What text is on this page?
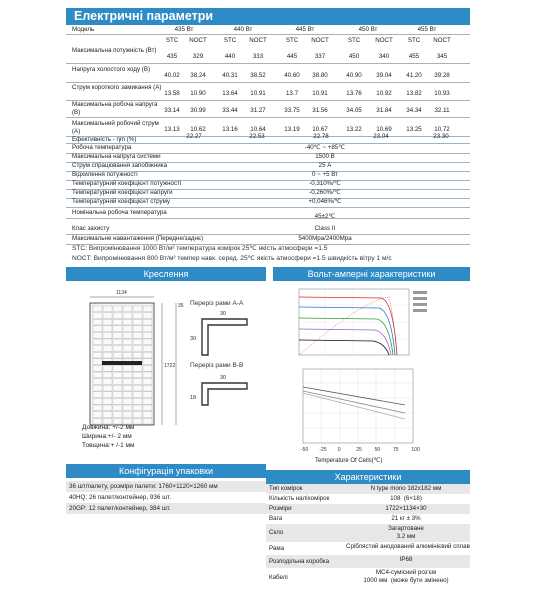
Електричні параметри
Модель	435 Вт	440 Вт	445 Вт	450 Вт	455 Вт
STC	NOCT	STC	NOCT	STC	NOCT	STC	NOCT	STC	NOCT
Максимальна потужність (Вт)
435	329	440	333	445	337	450	340	455	345
Напруга холостого ходу (В)
40.02	38.24	40.31	38.52	40.60	38.80	40.90	39.04	41.20	39.28
Струм короткого замикання (А)
13.58	10.90	13.64	10.91	13.7	10.91	13.76	10.92	13.82	10.93
Максимальна робоча напруга (В)	33.14	30.99	33.44	31.27	33.75	31.56	34.05	31.84	34.34	32.11
Максимальний робочий струм (А)	13.13	10.62	13.16	10.64	13.19	10.67	13.22	10.69	13.25	10.72
Ефективність - ηm (%)	22.27	22.53	22.78	23.04	23.30
Робоча температура	-40℃ ~ +85℃
Максимальна напруга системи	1500 В
Струм спрацювання запобіжника	25 А
Відхилення потужності	0 ~ +5 Вт
Температурний коефіцієнт потужності	-0,310%/℃
Температурний коефіцієнт напруги	-0,260%/℃
Температурний коефіцієнт струму	+0,046%/℃
Номінальна робоча температура
45±2℃
Клас захисту	Class II
Максимальне навантаження (Передне/заднє)	5400Mpa/2400Mpa
STC: Випромінювання 1000 Вт/м² температура комірок 25℃ якість атмосфери =1.5
NOCT: Випромінювання 800 Вт/м² темпер навк. серед. 25℃ якість атмосфери =1.5 швидкість вітру 1 м/с
Креслення	Вольт-амперні характеристики
1134
1722
35 Переріз рами A-A
30
30
Переріз рами B-B
30
18
Довжина: +/-2 мм
Ширина:+/- 2 мм
Товщина:+ /-1 мм
-50 -25 0	25	50	75	100
Temperature Of Cells(℃)
Конфігурація упаковки
36 шт/палету, розміри палети: 1760×1120×1260 мм
40HQ: 26 палет/контейнер, 936 шт.
20GP: 12 палет/контейнер, 384 шт.
Характеристики
Тип комірок	N type mono 182x182 мм
Кількість наліхомірок	108  (6×18)
Розміри	1722×1134×30
Вага	21 кг ± 3%
Скло
Загартоване
3.2 мм
Рама	Сріблястий анодований алюмінієвий сплав
Розподільна коробка	IP68
Кабелі
MC4-сумісний роз'єм
1000 мм  (може бути змінено)
